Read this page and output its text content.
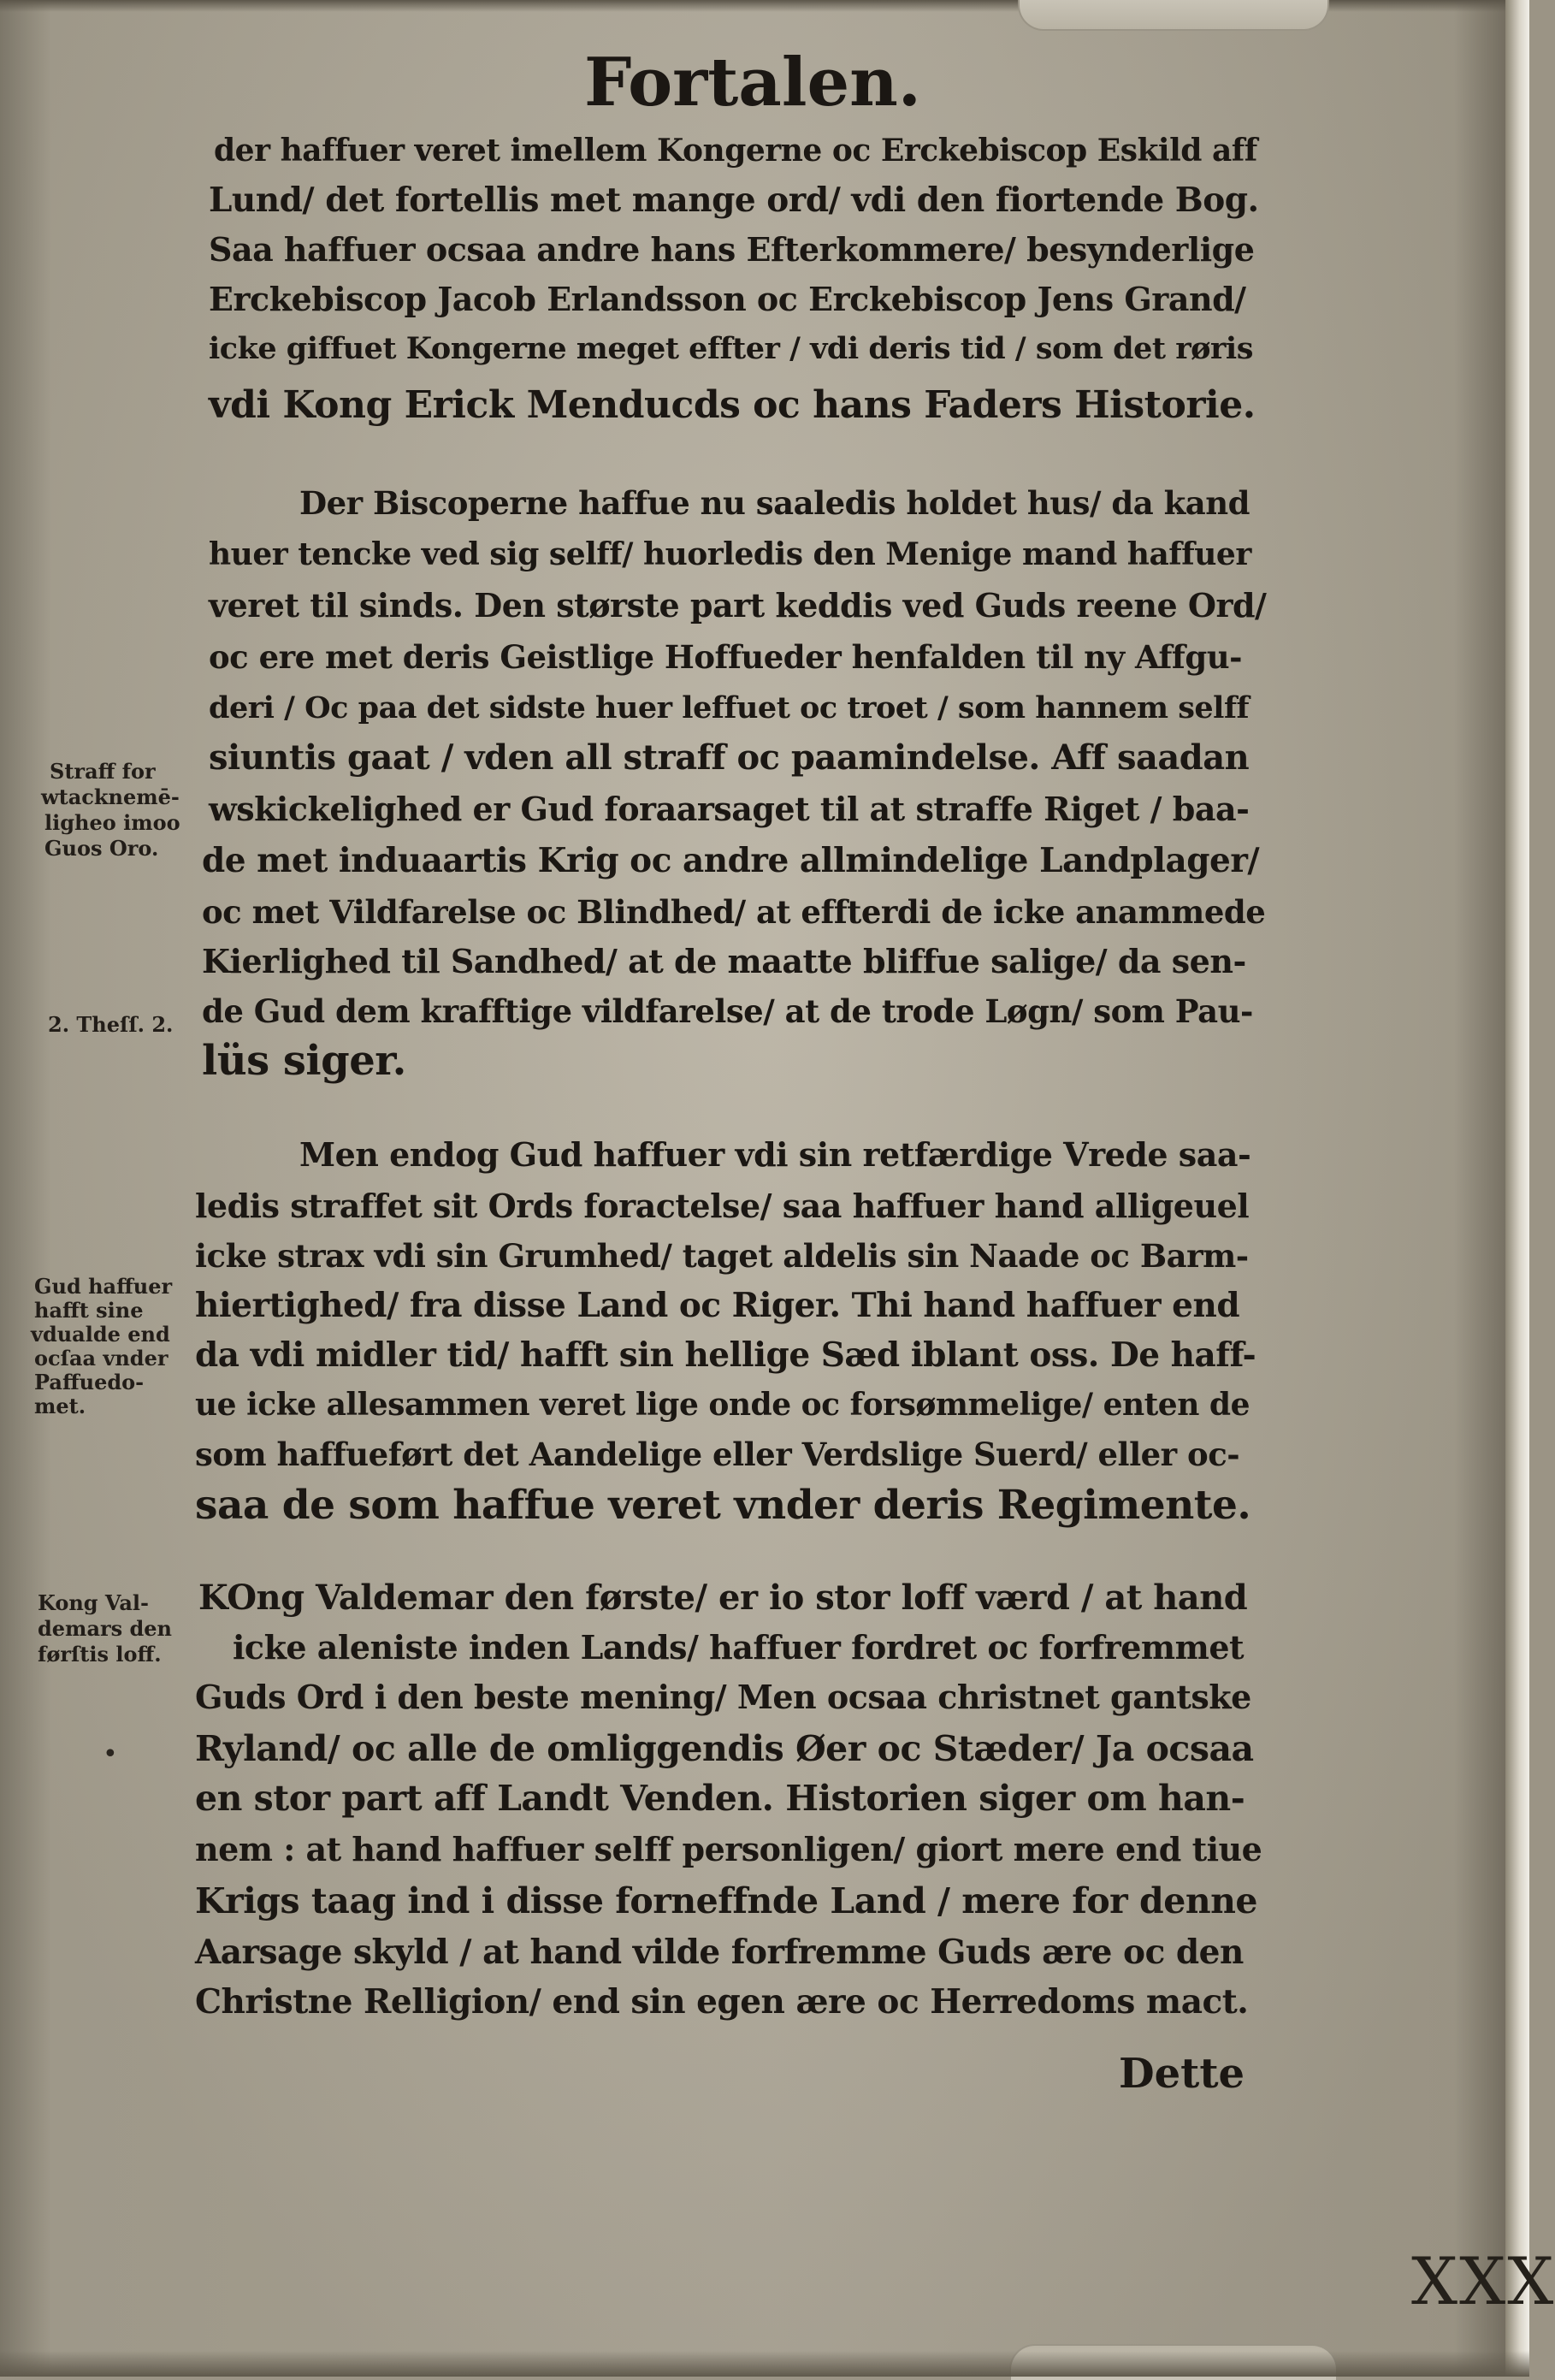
Fortalen.
der haffuer veret imellem Kongerne oc Erckebiscop Eskild aff
Lund/ det fortellis met mange ord/ vdi den fiortende Bog.
Saa haffuer ocsaa andre hans Efterkommere/ besynderlige
Erckebiscop Jacob Erlandsson oc Erckebiscop Jens Grand/
icke giffuet Kongerne meget effter / vdi deris tid / som det røris
vdi Kong Erick Menducds oc hans Faders Historie.
Der Biscoperne haffue nu saaledis holdet hus/ da kand
huer tencke ved sig selff/ huorledis den Menige mand haffuer
veret til sinds. Den største part keddis ved Guds reene Ord/
oc ere met deris Geistlige Hoffueder henfalden til ny Affgu-
deri / Oc paa det sidste huer leffuet oc troet / som hannem selff
siuntis gaat / vden all straff oc paamindelse. Aff saadan
wskickelighed er Gud foraarsaget til at straffe Riget / baa-
de met induaartis Krig oc andre allmindelige Landplager/
oc met Vildfarelse oc Blindhed/ at effterdi de icke anammede
Kierlighed til Sandhed/ at de maatte bliffue salige/ da sen-
de Gud dem krafftige vildfarelse/ at de trode Løgn/ som Pau-
lüs siger.
Men endog Gud haffuer vdi sin retfærdige Vrede saa-
ledis straffet sit Ords foractelse/ saa haffuer hand alligeuel
icke strax vdi sin Grumhed/ taget aldelis sin Naade oc Barm-
hiertighed/ fra disse Land oc Riger. Thi hand haffuer end
da vdi midler tid/ hafft sin hellige Sæd iblant oss. De haff-
ue icke allesammen veret lige onde oc forsømmelige/ enten de
som haffueført det Aandelige eller Verdslige Suerd/ eller oc-
saa de som haffue veret vnder deris Regimente.
KOng Valdemar den første/ er io stor loff værd / at hand
icke aleniste inden Lands/ haffuer fordret oc forfremmet
Guds Ord i den beste mening/ Men ocsaa christnet gantske
Ryland/ oc alle de omliggendis Øer oc Stæder/ Ja ocsaa
en stor part aff Landt Venden. Historien siger om han-
nem : at hand haffuer selff personligen/ giort mere end tiue
Krigs taag ind i disse forneffnde Land / mere for denne
Aarsage skyld / at hand vilde forfremme Guds ære oc den
Christne Relligion/ end sin egen ære oc Herredoms mact.
Straff for
wtacknemē-
ligheo imoo
Guos Oro.
2. Theſſ. 2.
Gud haffuer
hafft sine
vdualde end
ocſaa vnder
Paffuedo-
met.
Kong Val-
demars den
førſtis loff.
•
Dette
XXX
